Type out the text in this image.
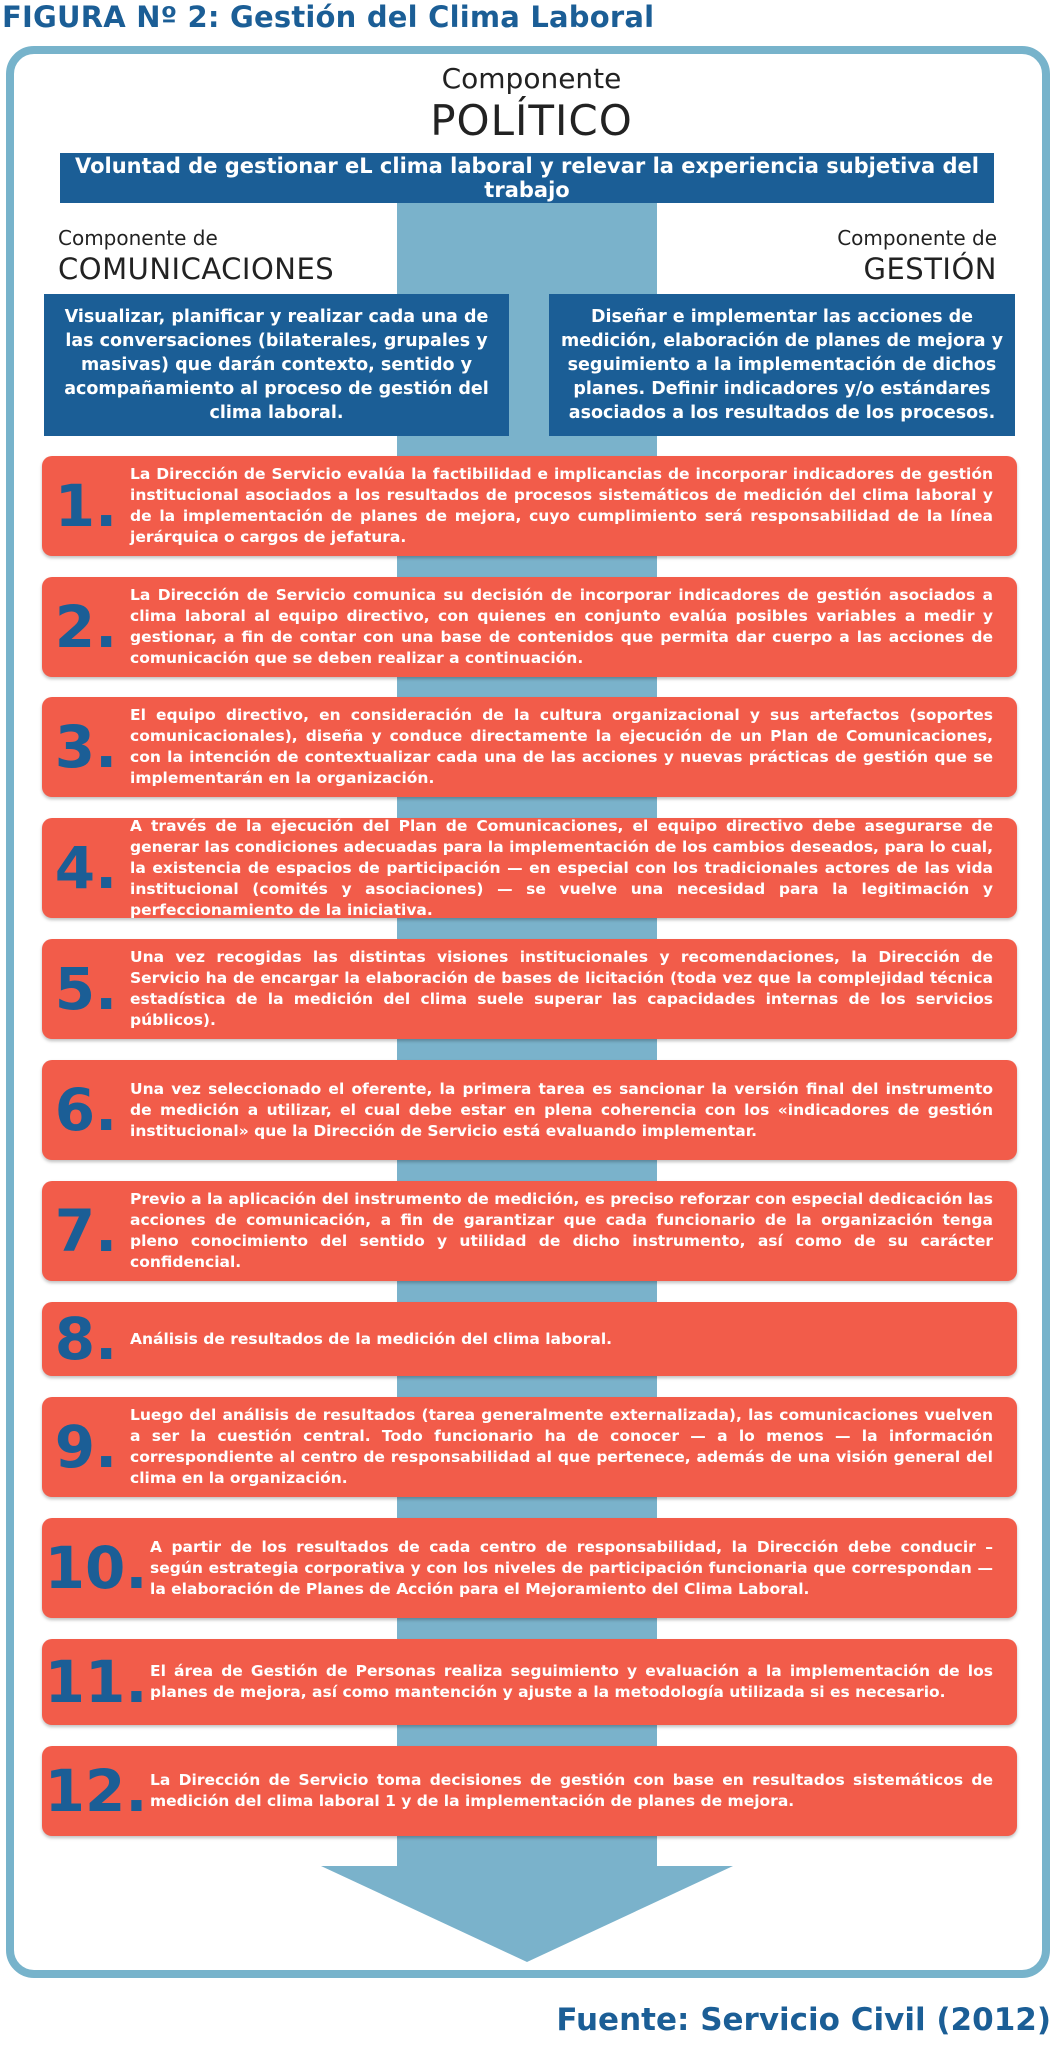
FIGURA Nº 2: Gestión del Clima Laboral
Componente
POLÍTICO
Voluntad de gestionar eL clima laboral y relevar la experiencia subjetiva del trabajo
Componente de
COMUNICACIONES
Componente de
GESTIÓN
Visualizar, planificar y realizar cada una de las conversaciones (bilaterales, grupales y masivas) que darán contexto, sentido y acompañamiento al proceso de gestión del clima laboral.
Diseñar e implementar las acciones de medición, elaboración de planes de mejora y seguimiento a la implementación de dichos planes. Definir indicadores y/o estándares asociados a los resultados de los procesos.
1. La Dirección de Servicio evalúa la factibilidad e implicancias de incorporar indicadores de gestión institucional asociados a los resultados de procesos sistemáticos de medición del clima laboral y de la implementación de planes de mejora, cuyo cumplimiento será responsabilidad de la línea jerárquica o cargos de jefatura.
2. La Dirección de Servicio comunica su decisión de incorporar indicadores de gestión asociados a clima laboral al equipo directivo, con quienes en conjunto evalúa posibles variables a medir y gestionar, a fin de contar con una base de contenidos que permita dar cuerpo a las acciones de comunicación que se deben realizar a continuación.
3. El equipo directivo, en consideración de la cultura organizacional y sus artefactos (soportes comunicacionales), diseña y conduce directamente la ejecución de un Plan de Comunicaciones, con la intención de contextualizar cada una de las acciones y nuevas prácticas de gestión que se implementarán en la organización.
4.
A través de la ejecución del Plan de Comunicaciones, el equipo directivo debe asegurarse de generar las condiciones adecuadas para la implementación de los cambios deseados, para lo cual, la existencia de espacios de participación — en especial con los tradicionales actores de las vida institucional (comités y asociaciones) — se vuelve una necesidad para la legitimación y perfeccionamiento de la iniciativa.
5. Una vez recogidas las distintas visiones institucionales y recomendaciones, la Dirección de Servicio ha de encargar la elaboración de bases de licitación (toda vez que la complejidad técnica estadística de la medición del clima suele superar las capacidades internas de los servicios públicos).
6. Una vez seleccionado el oferente, la primera tarea es sancionar la versión final del instrumento de medición a utilizar, el cual debe estar en plena coherencia con los «indicadores de gestión institucional» que la Dirección de Servicio está evaluando implementar.
7. Previo a la aplicación del instrumento de medición, es preciso reforzar con especial dedicación las acciones de comunicación, a fin de garantizar que cada funcionario de la organización tenga pleno conocimiento del sentido y utilidad de dicho instrumento, así como de su carácter confidencial.
8. Análisis de resultados de la medición del clima laboral.
9. Luego del análisis de resultados (tarea generalmente externalizada), las comunicaciones vuelven a ser la cuestión central. Todo funcionario ha de conocer — a lo menos — la información correspondiente al centro de responsabilidad al que pertenece, además de una visión general del clima en la organización.
10. A partir de los resultados de cada centro de responsabilidad, la Dirección debe conducir – según estrategia corporativa y con los niveles de participación funcionaria que correspondan — la elaboración de Planes de Acción para el Mejoramiento del Clima Laboral.
11. El área de Gestión de Personas realiza seguimiento y evaluación a la implementación de los planes de mejora, así como mantención y ajuste a la metodología utilizada si es necesario.
12. La Dirección de Servicio toma decisiones de gestión con base en resultados sistemáticos de medición del clima laboral 1 y de la implementación de planes de mejora.
Fuente: Servicio Civil (2012)
